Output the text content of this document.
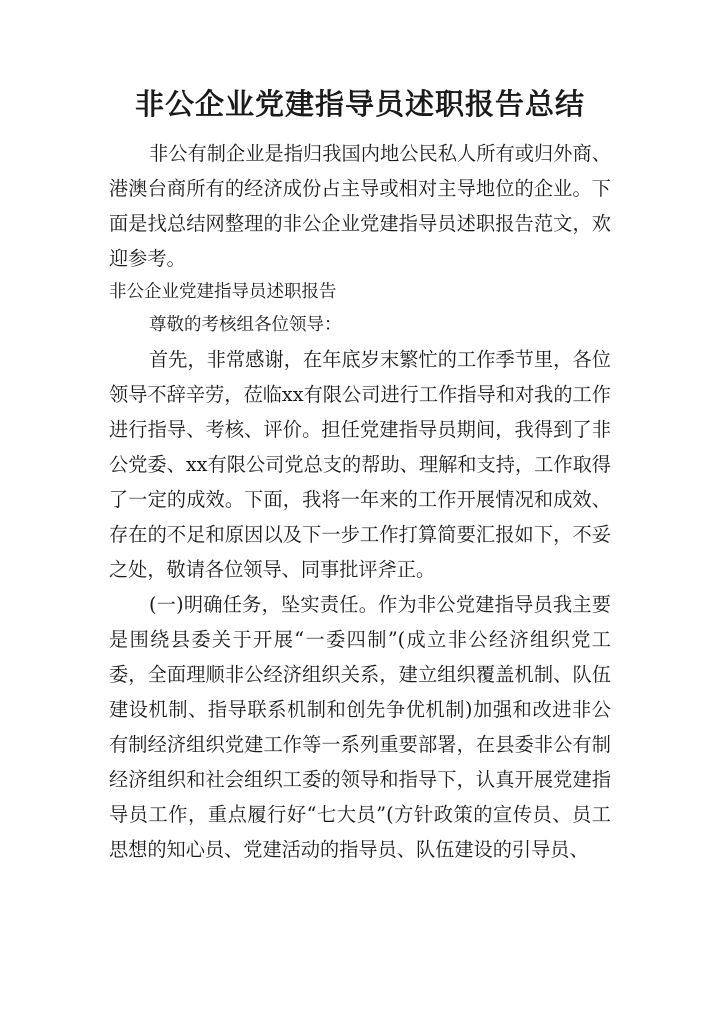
非公企业党建指导员述职报告总结

非公有制企业是指归我国内地公民私人所有或归外商、港澳台商所有的经济成份占主导或相对主导地位的企业。下面是找总结网整理的非公企业党建指导员述职报告范文，欢迎参考。

非公企业党建指导员述职报告

尊敬的考核组各位领导：

首先，非常感谢，在年底岁末繁忙的工作季节里，各位领导不辞辛劳，莅临xx有限公司进行工作指导和对我的工作进行指导、考核、评价。担任党建指导员期间，我得到了非公党委、xx有限公司党总支的帮助、理解和支持，工作取得了一定的成效。下面，我将一年来的工作开展情况和成效、存在的不足和原因以及下一步工作打算简要汇报如下，不妥之处，敬请各位领导、同事批评斧正。

(一)明确任务，坠实责任。作为非公党建指导员我主要是围绕县委关于开展“一委四制”(成立非公经济组织党工委，全面理顺非公经济组织关系，建立组织覆盖机制、队伍建设机制、指导联系机制和创先争优机制)加强和改进非公有制经济组织党建工作等一系列重要部署，在县委非公有制经济组织和社会组织工委的领导和指导下，认真开展党建指导员工作，重点履行好“七大员”(方针政策的宣传员、员工思想的知心员、党建活动的指导员、队伍建设的引导员、
